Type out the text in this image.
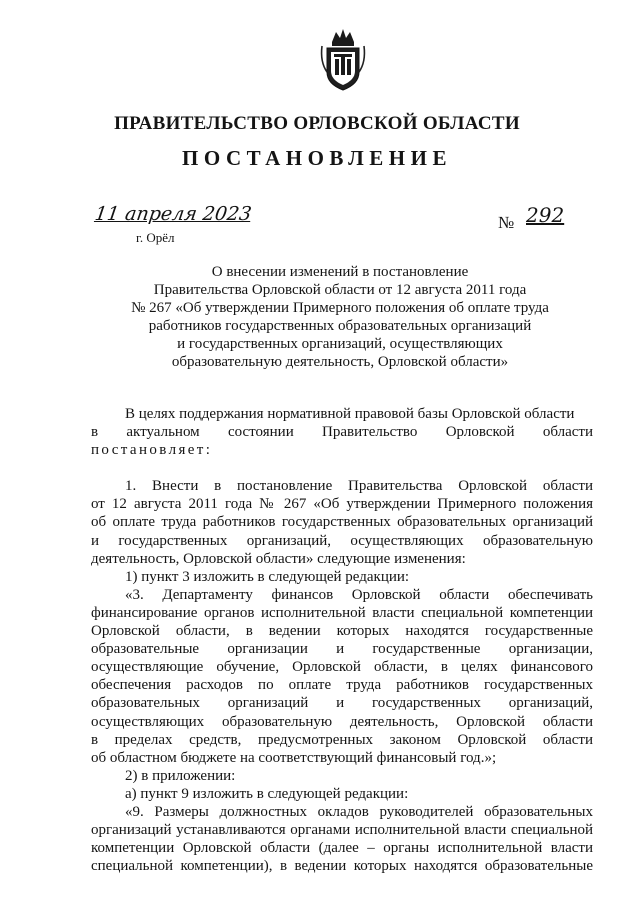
ПРАВИТЕЛЬСТВО ОРЛОВСКОЙ ОБЛАСТИ
ПОСТАНОВЛЕНИЕ
11 апреля 2023
г. Орёл
№ 292
О внесении изменений в постановление
Правительства Орловской области от 12 августа 2011 года
№ 267 «Об утверждении Примерного положения об оплате труда
работников государственных образовательных организаций
и государственных организаций, осуществляющих
образовательную деятельность, Орловской области»
В целях поддержания нормативной правовой базы Орловской области
в актуальном состоянии Правительство Орловской области
постановляет:
1. Внести в постановление Правительства Орловской области
от 12 августа 2011 года № 267 «Об утверждении Примерного положения
об оплате труда работников государственных образовательных организаций
и государственных организаций, осуществляющих образовательную
деятельность, Орловской области» следующие изменения:
1) пункт 3 изложить в следующей редакции:
«3. Департаменту финансов Орловской области обеспечивать
финансирование органов исполнительной власти специальной компетенции
Орловской области, в ведении которых находятся государственные
образовательные организации и государственные организации,
осуществляющие обучение, Орловской области, в целях финансового
обеспечения расходов по оплате труда работников государственных
образовательных организаций и государственных организаций,
осуществляющих образовательную деятельность, Орловской области
в пределах средств, предусмотренных законом Орловской области
об областном бюджете на соответствующий финансовый год.»;
2) в приложении:
а) пункт 9 изложить в следующей редакции:
«9. Размеры должностных окладов руководителей образовательных
организаций устанавливаются органами исполнительной власти специальной
компетенции Орловской области (далее – органы исполнительной власти
специальной компетенции), в ведении которых находятся образовательные
